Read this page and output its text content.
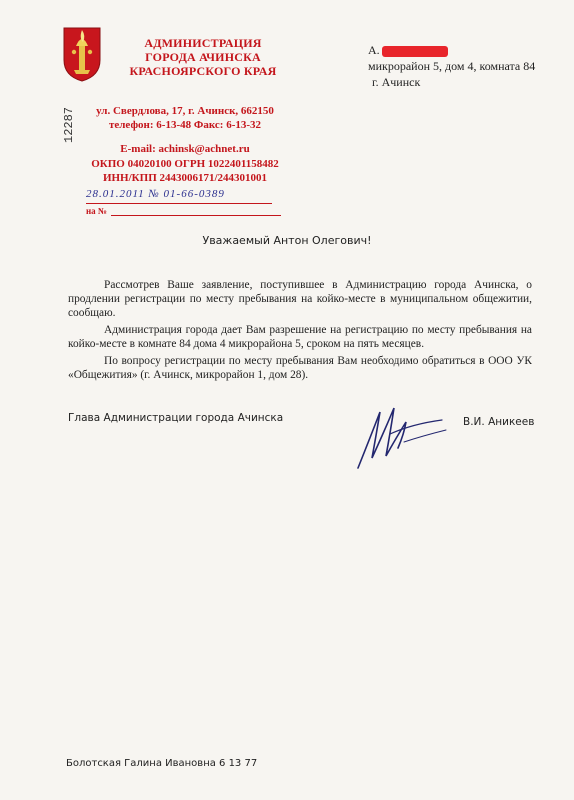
АДМИНИСТРАЦИЯ
ГОРОДА АЧИНСКА
КРАСНОЯРСКОГО КРАЯ
ул. Свердлова, 17, г. Ачинск, 662150
телефон: 6-13-48 Факс: 6-13-32
E-mail: achinsk@achnet.ru
ОКПО 04020100 ОГРН 1022401158482
ИНН/КПП 2443006171/244301001
12287
28.01.2011 № 01-66-0389
на №
А.
микрорайон 5, дом 4, комната 84
г. Ачинск
Уважаемый Антон Олегович!

Рассмотрев Ваше заявление, поступившее в Администрацию города Ачинска, о продлении регистрации по месту пребывания на койко-месте в муниципальном общежитии, сообщаю.

Администрация города дает Вам разрешение на регистрацию по месту пребывания на койко-месте в комнате 84 дома 4 микрорайона 5, сроком на пять месяцев.

По вопросу регистрации по месту пребывания Вам необходимо обратиться в ООО УК «Общежития» (г. Ачинск, микрорайон 1, дом 28).

Глава Администрации города Ачинска	В.И. Аникеев
Болотская Галина Ивановна 6 13 77
